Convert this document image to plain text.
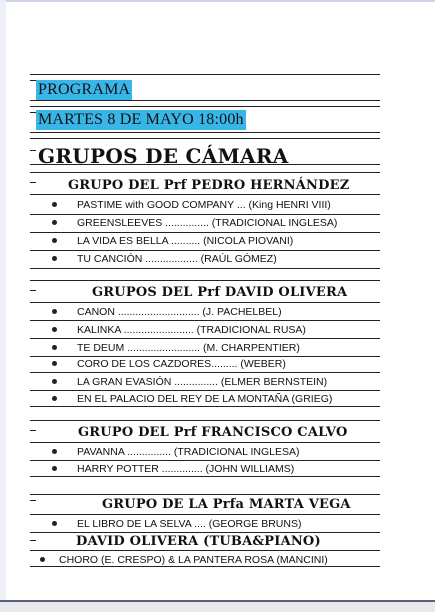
PROGRAMA
MARTES 8 DE MAYO 18:00h
GRUPOS DE CÁMARA
GRUPO DEL Prf PEDRO HERNÁNDEZ
PASTIME with GOOD COMPANY ... (King HENRI VIII)
GREENSLEEVES ............... (TRADICIONAL INGLESA)
LA VIDA ES BELLA .......... (NICOLA PIOVANI)
TU CANCIÓN .................. (RAÚL GÓMEZ)
GRUPOS DEL Prf DAVID OLIVERA
CANON ............................ (J. PACHELBEL)
KALINKA ........................ (TRADICIONAL RUSA)
TE DEUM ......................... (M. CHARPENTIER)
CORO DE LOS CAZDORES......... (WEBER)
LA GRAN EVASIÓN ............... (ELMER BERNSTEIN)
EN EL PALACIO DEL REY DE LA MONTAÑA (GRIEG)
GRUPO DEL Prf FRANCISCO CALVO
PAVANNA ............... (TRADICIONAL INGLESA)
HARRY POTTER .............. (JOHN WILLIAMS)
GRUPO DE LA Prfa MARTA VEGA
EL LIBRO DE LA SELVA .... (GEORGE BRUNS)
DAVID OLIVERA (TUBA&PIANO)
CHORO (E. CRESPO) & LA PANTERA ROSA (MANCINI)
